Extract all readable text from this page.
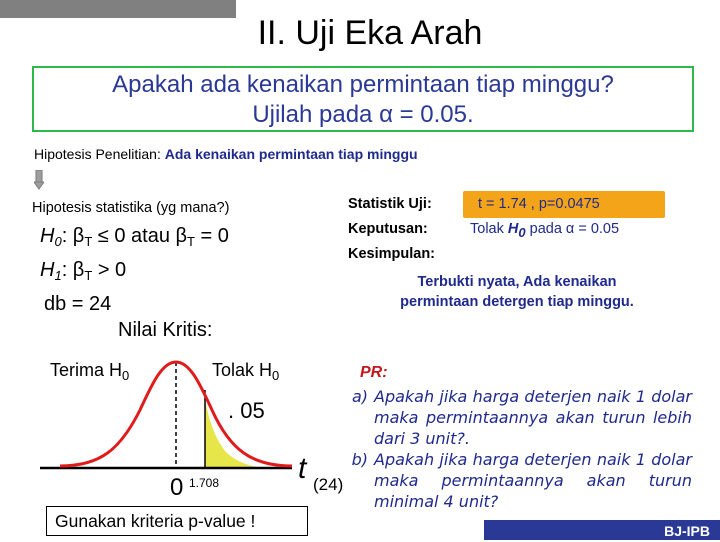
II. Uji Eka Arah
Apakah ada kenaikan permintaan tiap minggu?
Ujilah pada α = 0.05.
Hipotesis Penelitian: Ada kenaikan permintaan tiap minggu
Hipotesis statistika (yg mana?)
$H_0$: $\beta_T \le 0$ atau $\beta_T = 0$
$H_1$: $\beta_T > 0$
db = 24
Nilai Kritis:
Statistik Uji:	t = 1.74 , p=0.0475
Keputusan:	Tolak $H_0$ pada α = 0.05
Kesimpulan:
Terbukti nyata, Ada kenaikan
permintaan detergen tiap minggu.
Terima $H_0$	Tolak $H_0$
. 05
0 1.708	t (24)
Gunakan kriteria p-value !
PR:
a) Apakah jika harga deterjen naik 1 dolar maka permintaannya akan turun lebih dari 3 unit?.
b) Apakah jika harga deterjen naik 1 dolar maka permintaannya akan turun minimal 4 unit?
BJ-IPB
